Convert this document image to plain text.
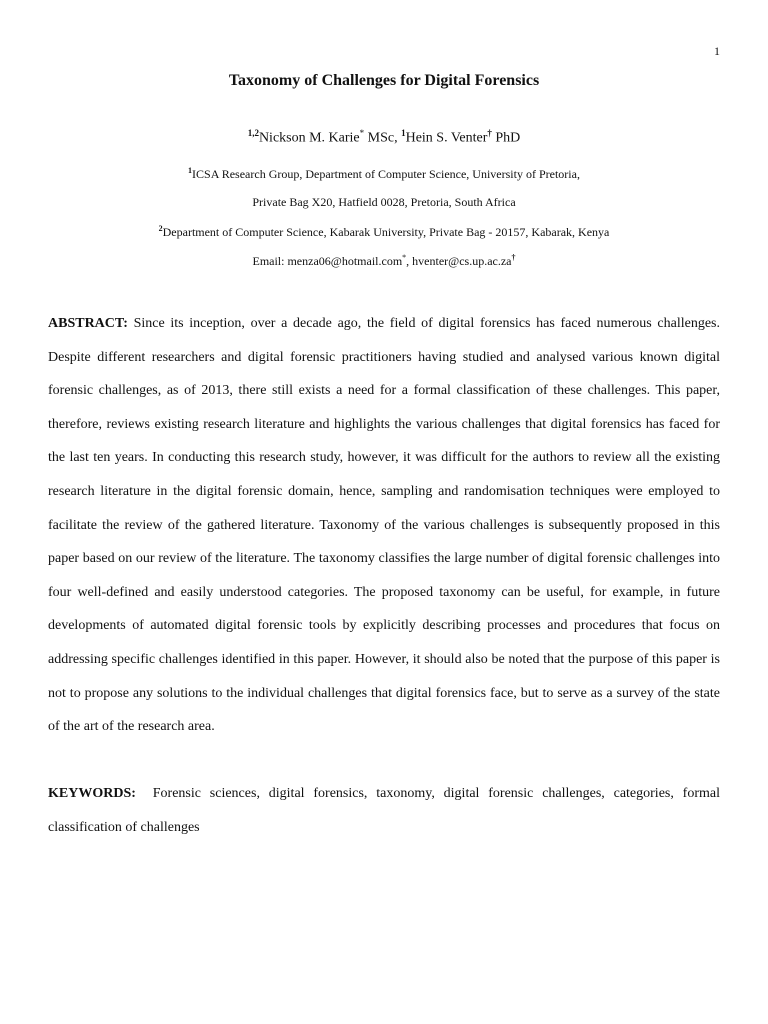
1
Taxonomy of Challenges for Digital Forensics
$^{1,2}$Nickson M. Karie* MSc, $^1$Hein S. Venter† PhD
$^1$ICSA Research Group, Department of Computer Science, University of Pretoria,
Private Bag X20, Hatfield 0028, Pretoria, South Africa
$^2$Department of Computer Science, Kabarak University, Private Bag - 20157, Kabarak, Kenya
Email: menza06@hotmail.com*, hventer@cs.up.ac.za†

ABSTRACT: Since its inception, over a decade ago, the field of digital forensics has faced numerous challenges. Despite different researchers and digital forensic practitioners having studied and analysed various known digital forensic challenges, as of 2013, there still exists a need for a formal classification of these challenges. This paper, therefore, reviews existing research literature and highlights the various challenges that digital forensics has faced for the last ten years. In conducting this research study, however, it was difficult for the authors to review all the existing research literature in the digital forensic domain, hence, sampling and randomisation techniques were employed to facilitate the review of the gathered literature. Taxonomy of the various challenges is subsequently proposed in this paper based on our review of the literature. The taxonomy classifies the large number of digital forensic challenges into four well-defined and easily understood categories. The proposed taxonomy can be useful, for example, in future developments of automated digital forensic tools by explicitly describing processes and procedures that focus on addressing specific challenges identified in this paper. However, it should also be noted that the purpose of this paper is not to propose any solutions to the individual challenges that digital forensics face, but to serve as a survey of the state of the art of the research area.

KEYWORDS: Forensic sciences, digital forensics, taxonomy, digital forensic challenges, categories, formal classification of challenges
